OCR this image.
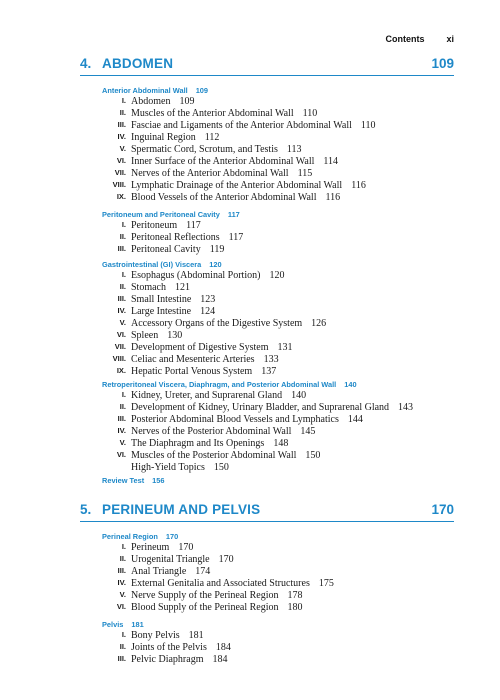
Contents xi
4. ABDOMEN	109
Anterior Abdominal Wall 109
I. Abdomen 109
II. Muscles of the Anterior Abdominal Wall 110
III. Fasciae and Ligaments of the Anterior Abdominal Wall 110
IV. Inguinal Region 112
V. Spermatic Cord, Scrotum, and Testis 113
VI. Inner Surface of the Anterior Abdominal Wall 114
VII. Nerves of the Anterior Abdominal Wall 115
VIII. Lymphatic Drainage of the Anterior Abdominal Wall 116
IX. Blood Vessels of the Anterior Abdominal Wall 116
Peritoneum and Peritoneal Cavity 117
I. Peritoneum 117
II. Peritoneal Reflections 117
III. Peritoneal Cavity 119
Gastrointestinal (GI) Viscera 120
I. Esophagus (Abdominal Portion) 120
II. Stomach 121
III. Small Intestine 123
IV. Large Intestine 124
V. Accessory Organs of the Digestive System 126
VI. Spleen 130
VII. Development of Digestive System 131
VIII. Celiac and Mesenteric Arteries 133
IX. Hepatic Portal Venous System 137
Retroperitoneal Viscera, Diaphragm, and Posterior Abdominal Wall 140
I. Kidney, Ureter, and Suprarenal Gland 140
II. Development of Kidney, Urinary Bladder, and Suprarenal Gland 143
III. Posterior Abdominal Blood Vessels and Lymphatics 144
IV. Nerves of the Posterior Abdominal Wall 145
V. The Diaphragm and Its Openings 148
VI. Muscles of the Posterior Abdominal Wall 150
High-Yield Topics 150
Review Test 156
5. PERINEUM AND PELVIS	170
Perineal Region 170
I. Perineum 170
II. Urogenital Triangle 170
III. Anal Triangle 174
IV. External Genitalia and Associated Structures 175
V. Nerve Supply of the Perineal Region 178
VI. Blood Supply of the Perineal Region 180
Pelvis 181
I. Bony Pelvis 181
II. Joints of the Pelvis 184
III. Pelvic Diaphragm 184
